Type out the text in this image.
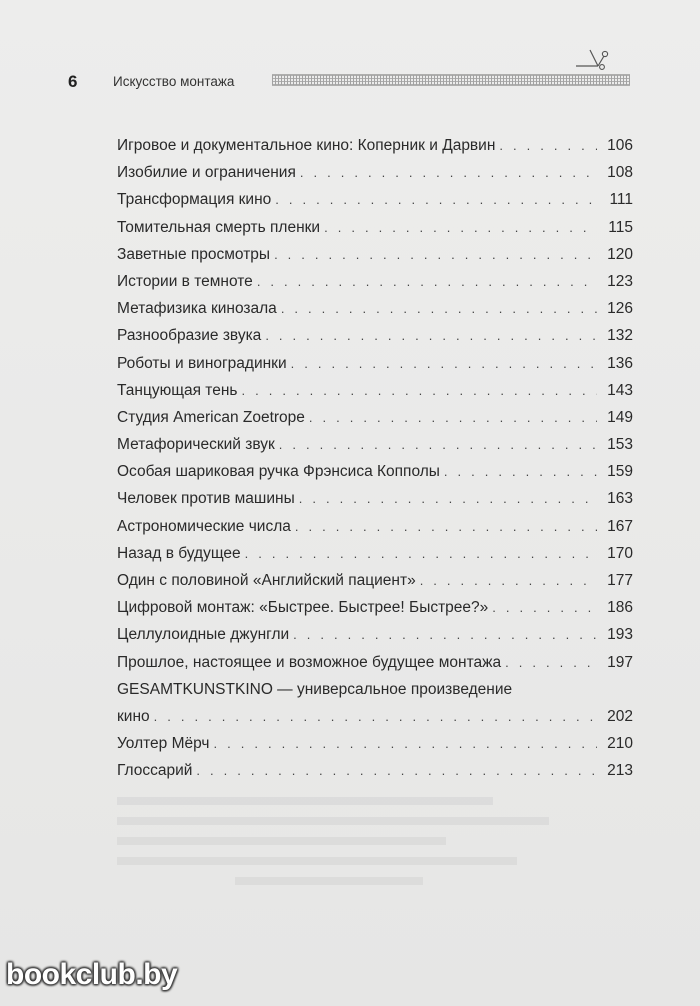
6	Искусство монтажа
Игровое и документальное кино: Коперник и Дарвин . . .	106
Изобилие и ограничения . . .	108
Трансформация кино . . .	111
Томительная смерть пленки . . .	115
Заветные просмотры . . .	120
Истории в темноте . . .	123
Метафизика кинозала . . .	126
Разнообразие звука . . .	132
Роботы и виноградинки . . .	136
Танцующая тень . . .	143
Студия American Zoetrope . . .	149
Метафорический звук . . .	153
Особая шариковая ручка Фрэнсиса Копполы . . .	159
Человек против машины . . .	163
Астрономические числа . . .	167
Назад в будущее . . .	170
Один с половиной «Английский пациент» . . .	177
Цифровой монтаж: «Быстрее. Быстрее! Быстрее?» . . .	186
Целлулоидные джунгли . . .	193
Прошлое, настоящее и возможное будущее монтажа . . .	197
GESAMTKUNSTKINO — универсальное произведение
кино . . .	202
Уолтер Мёрч . . .	210
Глоссарий . . .	213
bookclub.by
